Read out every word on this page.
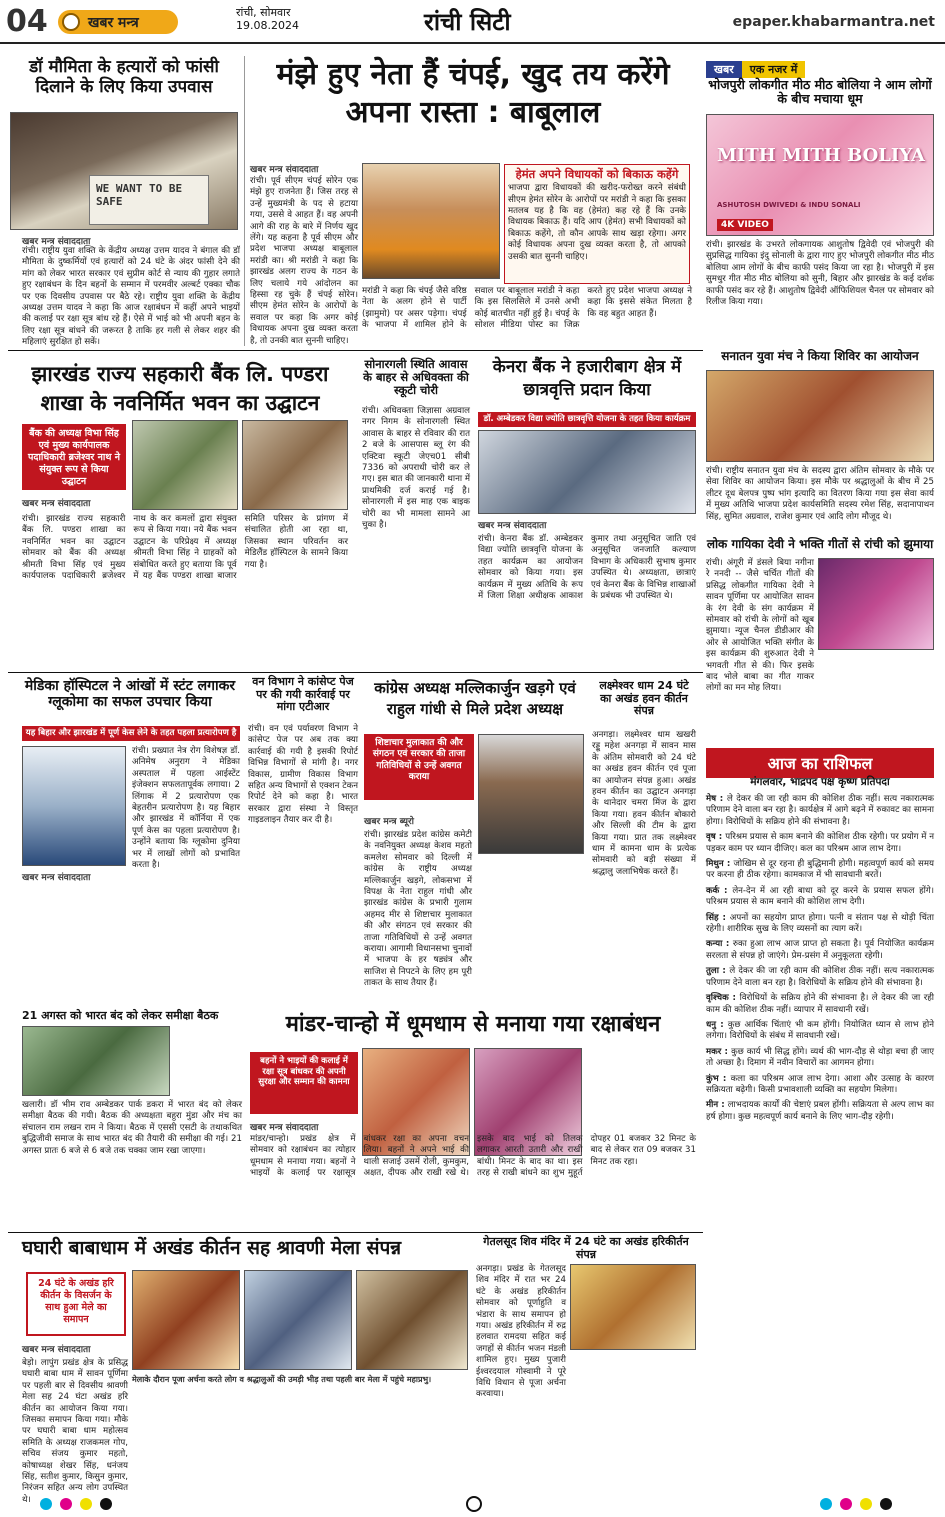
04	खबर मन्त्र
रांची, सोमवार
19.08.2024	रांची सिटी	epaper.khabarmantra.net
डॉ मौमिता के हत्यारों को फांसी दिलाने के लिए किया उपवास
WE WANT TO BE SAFE
खबर मन्त्र संवाददाता
रांची। राष्ट्रीय युवा शक्ति के केंद्रीय अध्यक्ष उत्तम यादव ने बंगाल की डॉ मौमिता के दुष्कर्मियों एवं हत्यारों को 24 घंटे के अंदर फांसी देने की मांग को लेकर भारत सरकार एवं सुप्रीम कोर्ट से न्याय की गुहार लगाते हुए रक्षाबंधन के दिन बहनों के सम्मान में परमवीर अल्बर्ट एक्का चौक पर एक दिवसीय उपवास पर बैठे रहे। राष्ट्रीय युवा शक्ति के केंद्रीय अध्यक्ष उत्तम यादव ने कहा कि आज रक्षाबंधन में कहीं अपने भाइयों की कलाई पर रक्षा सूत्र बांध रहे हैं। ऐसे में भाई को भी अपनी बहन के लिए रक्षा सूत्र बांधने की जरूरत है ताकि हर गली से लेकर शहर की महिलाएं सुरक्षित हो सकें।
मंझे हुए नेता हैं चंपई, खुद तय करेंगे अपना रास्ता : बाबूलाल
खबर मन्त्र संवाददाता
रांची। पूर्व सीएम चंपई सोरेन एक मंझे हुए राजनेता हैं। जिस तरह से उन्हें मुख्यमंत्री के पद से हटाया गया, उससे वे आहत हैं। वह अपनी आगे की राह के बारे में निर्णय खुद लेंगे। यह कहना है पूर्व सीएम और प्रदेश भाजपा अध्यक्ष बाबूलाल मरांडी का। श्री मरांडी ने कहा कि झारखंड अलग राज्य के गठन के लिए चलाये गये आंदोलन का हिस्सा रह चुके हैं चंपई सोरेन। सीएम हेमंत सोरेन के आरोपों के सवाल पर कहा कि अगर कोई विधायक अपना दुख व्यक्त करता है, तो उनकी बात सुननी चाहिए।
हेमंत अपने विधायकों को बिकाऊ कहेंगे
भाजपा द्वारा विधायकों की खरीद-फरोख्त करने संबंधी सीएम हेमंत सोरेन के आरोपों पर मरांडी ने कहा कि इसका मतलब यह है कि वह (हेमंत) कह रहे हैं कि उनके विधायक बिकाऊ हैं। यदि आप (हेमंत) सभी विधायकों को बिकाऊ कहेंगे, तो कौन आपके साथ खड़ा रहेगा। अगर कोई विधायक अपना दुख व्यक्त करता है, तो आपको उसकी बात सुननी चाहिए।
मरांडी ने कहा कि चंपई जैसे वरिष्ठ नेता के अलग होने से पार्टी (झामुमो) पर असर पड़ेगा। चंपई के भाजपा में शामिल होने के सवाल पर बाबूलाल मरांडी ने कहा कि इस सिलसिले में उनसे अभी कोई बातचीत नहीं हुई है। चंपई के सोशल मीडिया पोस्ट का जिक्र करते हुए प्रदेश भाजपा अध्यक्ष ने कहा कि इससे संकेत मिलता है कि वह बहुत आहत हैं।
खबर एक नजर में
भोजपुरी लोकगीत मीठ मीठ बोलिया ने आम लोगों के बीच मचाया धूम
MITH MITH BOLIYA
ASHUTOSH DWIVEDI & INDU SONALI
4K VIDEO
रांची। झारखंड के उभरते लोकगायक आशुतोष द्विवेदी एवं भोजपुरी की सुप्रसिद्ध गायिका इंदु सोनाली के द्वारा गाए हुए भोजपुरी लोकगीत मीठ मीठ बोलिया आम लोगों के बीच काफी पसंद किया जा रहा है। भोजपुरी में इस सुमधुर गीत मीठ मीठ बोलिया को सुनी, बिहार और झारखंड के कई दर्शक काफी पसंद कर रहे हैं। आशुतोष द्विवेदी ऑफिशियल चैनल पर सोमवार को रिलीज किया गया।
सनातन युवा मंच ने किया शिविर का आयोजन
रांची। राष्ट्रीय सनातन युवा मंच के सदस्य द्वारा अंतिम सोमवार के मौके पर सेवा शिविर का आयोजन किया। इस मौके पर श्रद्धालुओं के बीच में 25 लीटर दूध बेलपत्र पुष्प भांग इत्यादि का वितरण किया गया इस सेवा कार्य में मुख्य अतिथि भाजपा प्रदेश कार्यसमिति सदस्य रमेश सिंह, सदानापाथन सिंह, सुमित अग्रवाल, राजेश कुमार एवं आदि लोग मौजूद थे।
लोक गायिका देवी ने भक्ति गीतों से रांची को झुमाया
रांची। अंगूरी में डंसले बिया नगीना रे ननदी -- जैसे चर्चित गीतों की प्रसिद्ध लोकगीत गायिका देवी ने सावन पूर्णिमा पर आयोजित सावन के रंग देवी के संग कार्यक्रम में सोमवार को रांची के लोगों को खूब झुमाया। न्यूज चैनल डीडीआर की ओर से आयोजित भक्ति संगीत के इस कार्यक्रम की शुरुआत देवी ने भगवती गीत से की। फिर इसके बाद भोले बाबा का गीत गाकर लोगों का मन मोह लिया।
आज का राशिफल
मंगलवार, भाद्रपद पक्ष कृष्ण प्रतिपदा
मेष : ले देकर की जा रही काम की कोशिश ठीक नहीं। सत्य नकारात्मक परिणाम देने वाला बन रहा है। कार्यक्षेत्र में आगे बढ़ने में रुकावट का सामना होगा। विरोधियों के सक्रिय होने की संभावना है।
वृष : परिश्रम प्रयास से काम बनाने की कोशिश ठीक रहेगी। पर प्रयोग में न पड़कर काम पर ध्यान दीजिए। कल का परिश्रम आज लाभ देगा।
मिथुन : जोखिम से दूर रहना ही बुद्धिमानी होगी। महत्वपूर्ण कार्य को समय पर करना ही ठीक रहेगा। कामकाज में भी सावधानी बरतें।
कर्क : लेन-देन में आ रही बाधा को दूर करने के प्रयास सफल होंगे। परिश्रम प्रयास से काम बनाने की कोशिश लाभ देगी।
सिंह : अपनों का सहयोग प्राप्त होगा। पत्नी व संतान पक्ष से थोड़ी चिंता रहेगी। शारीरिक सुख के लिए व्यसनों का त्याग करें।
कन्या : रुका हुआ लाभ आज प्राप्त हो सकता है। पूर्व नियोजित कार्यक्रम सरलता से संपन्न हो जाएंगे। प्रेम-प्रसंग में अनुकूलता रहेगी।
तुला : ले देकर की जा रही काम की कोशिश ठीक नहीं। सत्य नकारात्मक परिणाम देने वाला बन रहा है। विरोधियों के सक्रिय होने की संभावना है।
वृश्चिक : विरोधियों के सक्रिय होने की संभावना है। ले देकर की जा रही काम की कोशिश ठीक नहीं। व्यापार में सावधानी रखें।
धनु : कुछ आर्थिक चिंताएं भी कम होंगी। नियोजित ध्यान से लाभ होने लगेगा। विरोधियों के संबंध में सावधानी रखें।
मकर : कुछ कार्य भी सिद्ध होंगे। व्यर्थ की भाग-दौड़ से थोड़ा बचा ही जाए तो अच्छा है। दिमाग में नवीन विचारों का आगमन होगा।
कुंभ : कला का परिश्रम आज लाभ देगा। आशा और उत्साह के कारण सक्रियता बढ़ेगी। किसी प्रभावशाली व्यक्ति का सहयोग मिलेगा।
मीन : लाभदायक कार्यों की चेष्टाएं प्रबल होंगी। सक्रियता से अल्प लाभ का हर्ष होगा। कुछ महत्वपूर्ण कार्य बनाने के लिए भाग-दौड़ रहेगी।
झारखंड राज्य सहकारी बैंक लि. पण्डरा शाखा के नवनिर्मित भवन का उद्घाटन
बैंक की अध्यक्ष विभा सिंह एवं मुख्य कार्यपालक पदाधिकारी ब्रजेश्वर नाथ ने संयुक्त रूप से किया उद्घाटन
खबर मन्त्र संवाददाता
रांची। झारखंड राज्य सहकारी बैंक लि. पण्डरा शाखा का नवनिर्मित भवन का उद्घाटन सोमवार को बैंक की अध्यक्ष श्रीमती विभा सिंह एवं मुख्य कार्यपालक पदाधिकारी ब्रजेश्वर नाथ के कर कमलों द्वारा संयुक्त रूप से किया गया। नये बैंक भवन उद्घाटन के परिप्रेक्ष्य में अध्यक्ष श्रीमती विभा सिंह ने ग्राहकों को संबोधित करते हुए बताया कि पूर्व में यह बैंक पण्डरा शाखा बाजार समिति परिसर के प्रांगण में संचालित होती आ रहा था, जिसका स्थान परिवर्तन कर मेडिलैंड हॉस्पिटल के सामने किया गया है।
सोनारगली स्थिति आवास के बाहर से अधिवक्ता की स्कूटी चोरी
रांची। अधिवक्ता जिज्ञासा अग्रवाल नगर निगम के सोनारगली स्थित आवास के बाहर से रविवार की रात 2 बजे के आसपास ब्लू रंग की एक्टिवा स्कूटी जेएच01 सीबी 7336 को अपराधी चोरी कर ले गए। इस बात की जानकारी थाना में प्राथमिकी दर्ज कराई गई है। सोनारगली में इस माह एक बाइक चोरी का भी मामला सामने आ चुका है।
केनरा बैंक ने हजारीबाग क्षेत्र में छात्रवृत्ति प्रदान किया
डॉ. अम्बेडकर विद्या ज्योति छात्रवृत्ति योजना के तहत किया कार्यक्रम
खबर मन्त्र संवाददाता
रांची। केनरा बैंक डॉ. अम्बेडकर विद्या ज्योति छात्रवृत्ति योजना के तहत कार्यक्रम का आयोजन सोमवार को किया गया। इस कार्यक्रम में मुख्य अतिथि के रूप में जिला शिक्षा अधीक्षक आकाश कुमार तथा अनुसूचित जाति एवं अनुसूचित जनजाति कल्याण विभाग के अधिकारी सुभाष कुमार उपस्थित थे। अध्यक्षता, छात्राएं एवं केनरा बैंक के विभिन्न शाखाओं के प्रबंधक भी उपस्थित थे।
मेडिका हॉस्पिटल ने आंखों में स्टंट लगाकर ग्लूकोमा का सफल उपचार किया
यह बिहार और झारखंड में पूर्ण केस लेने के तहत पहला प्रत्यारोपण है
रांची। प्रख्यात नेत्र रोग विशेषज्ञ डॉ. अनिमेष अनुराग ने मेडिका अस्पताल में पहला आईस्टेंट इंजेक्शन सफलतापूर्वक लगाया। 2 लिंगाक में 2 प्रत्यारोपण एक बेहतरीन प्रत्यारोपण है। यह बिहार और झारखंड में कॉर्निया में एक पूर्ण केस का पहला प्रत्यारोपण है। उन्होंने बताया कि ग्लूकोमा दुनिया भर में लाखों लोगों को प्रभावित करता है।
खबर मन्त्र संवाददाता
वन विभाग ने कांसेप्ट पेज पर की गयी कार्रवाई पर मांगा एटीआर
रांची। वन एवं पर्यावरण विभाग ने कांसेप्ट पेज पर अब तक क्या कार्रवाई की गयी है इसकी रिपोर्ट विभिन्न विभागों से मांगी है। नगर विकास, ग्रामीण विकास विभाग सहित अन्य विभागों से एक्शन टेकन रिपोर्ट देने को कहा है। भारत सरकार द्वारा संस्था ने विस्तृत गाइडलाइन तैयार कर दी है।
कांग्रेस अध्यक्ष मल्लिकार्जुन खड़गे एवं राहुल गांधी से मिले प्रदेश अध्यक्ष
शिष्टाचार मुलाकात की और संगठन एवं सरकार की ताजा गतिविधियों से उन्हें अवगत कराया
खबर मन्त्र ब्यूरो
रांची। झारखंड प्रदेश कांग्रेस कमेटी के नवनियुक्त अध्यक्ष केशव महतो कमलेश सोमवार को दिल्ली में कांग्रेस के राष्ट्रीय अध्यक्ष मल्लिकार्जुन खड़गे, लोकसभा में विपक्ष के नेता राहुल गांधी और झारखंड कांग्रेस के प्रभारी गुलाम अहमद मीर से शिष्टाचार मुलाकात की और संगठन एवं सरकार की ताजा गतिविधियों से उन्हें अवगत कराया। आगामी विधानसभा चुनावों में भाजपा के हर षड्यंत्र और साजिश से निपटने के लिए हम पूरी ताकत के साथ तैयार हैं।
लक्ष्मेश्वर धाम 24 घंटे का अखंड हवन कीर्तन संपन्न
अनगड़ा। लक्ष्मेश्वर धाम खखरी रड्डू महेश अनगड़ा में सावन मास के अंतिम सोमवारी को 24 घंटे का अखंड हवन कीर्तन एवं पूजा का आयोजन संपन्न हुआ। अखंड हवन कीर्तन का उद्घाटन अनगड़ा के थानेदार चमरा मिंज के द्वारा किया गया। हवन कीर्तन बोकारो और सिल्ली की टीम के द्वारा किया गया। प्रात तक लक्ष्मेश्वर धाम में कामना धाम के प्रत्येक सोमवारी को बड़ी संख्या में श्रद्धालु जलाभिषेक करते हैं।
21 अगस्त को भारत बंद को लेकर समीक्षा बैठक
खलारी। डॉ भीम राव अम्बेडकर पार्क डकरा में भारत बंद को लेकर समीक्षा बैठक की गयी। बैठक की अध्यक्षता बहुरा मुंडा और मंच का संचालन राम लखन राम ने किया। बैठक में एससी एसटी के तथाकथित बुद्धिजीवी समाज के साथ भारत बंद की तैयारी की समीक्षा की गई। 21 अगस्त प्रातः 6 बजे से 6 बजे तक चक्का जाम रखा जाएगा।
मांडर-चान्हो में धूमधाम से मनाया गया रक्षाबंधन
बहनों ने भाइयों की कलाई में रक्षा सूत्र बांधकर की अपनी सुरक्षा और सम्मान की कामना
खबर मन्त्र संवाददाता
मांडर/चान्हो। प्रखंड क्षेत्र में सोमवार को रक्षाबंधन का त्योहार धूमधाम से मनाया गया। बहनों ने भाइयों के कलाई पर रक्षासूत्र बांधकर रक्षा का अपना वचन लिया। बहनों ने अपने भाई की थाली सजाई उसमें रोली, कुमकुम, अक्षत, दीपक और राखी रखे थे। इसके बाद भाई को तिलक लगाकर आरती उतारी और राखी बांधी। मिनट के बाद का था। इस तरह से राखी बांधने का शुभ मुहूर्त दोपहर 01 बजकर 32 मिनट के बाद से लेकर रात 09 बजकर 31 मिनट तक रहा।
गेतलसूद शिव मंदिर में 24 घंटे का अखंड हरिकीर्तन संपन्न
अनगड़ा। प्रखंड के गेतलसूद शिव मंदिर में रात भर 24 घंटे के अखंड हरिकीर्तन सोमवार को पूर्णाहुति व भंडारा के साथ समापन हो गया। अखंड हरिकीर्तन में रुद्र हलवात रामदया सहित कई जगहों से कीर्तन भजन मंडली शामिल हुए। मुख्य पुजारी ईश्वरदयाल गोस्वामी ने पूरे विधि विधान से पूजा अर्चना करवाया।
घघारी बाबाधाम में अखंड कीर्तन सह श्रावणी मेला संपन्न
24 घंटे के अखंड हरि कीर्तन के विसर्जन के साथ हुआ मेले का समापन
खबर मन्त्र संवाददाता
मेलाके दौरान पूजा अर्चना करते लोग व श्रद्धालुओं की उमड़ी भीड़ तथा पहली बार मेला में पहुंचे महाप्रभु।
बेड़ो। लापुंग प्रखंड क्षेत्र के प्रसिद्ध घघारी बाबा धाम में सावन पूर्णिमा पर पहली बार से दिवसीय श्रावणी मेला सह 24 घंटा अखंड हरि कीर्तन का आयोजन किया गया। जिसका समापन किया गया। मौके पर घघारी बाबा धाम महोत्सव समिति के अध्यक्ष राजकमल गोप, सचिव संजय कुमार महतो, कोषाध्यक्ष शेखर सिंह, धनंजय सिंह, सतीश कुमार, किसुन कुमार, निरंजन सहित अन्य लोग उपस्थित थे।
